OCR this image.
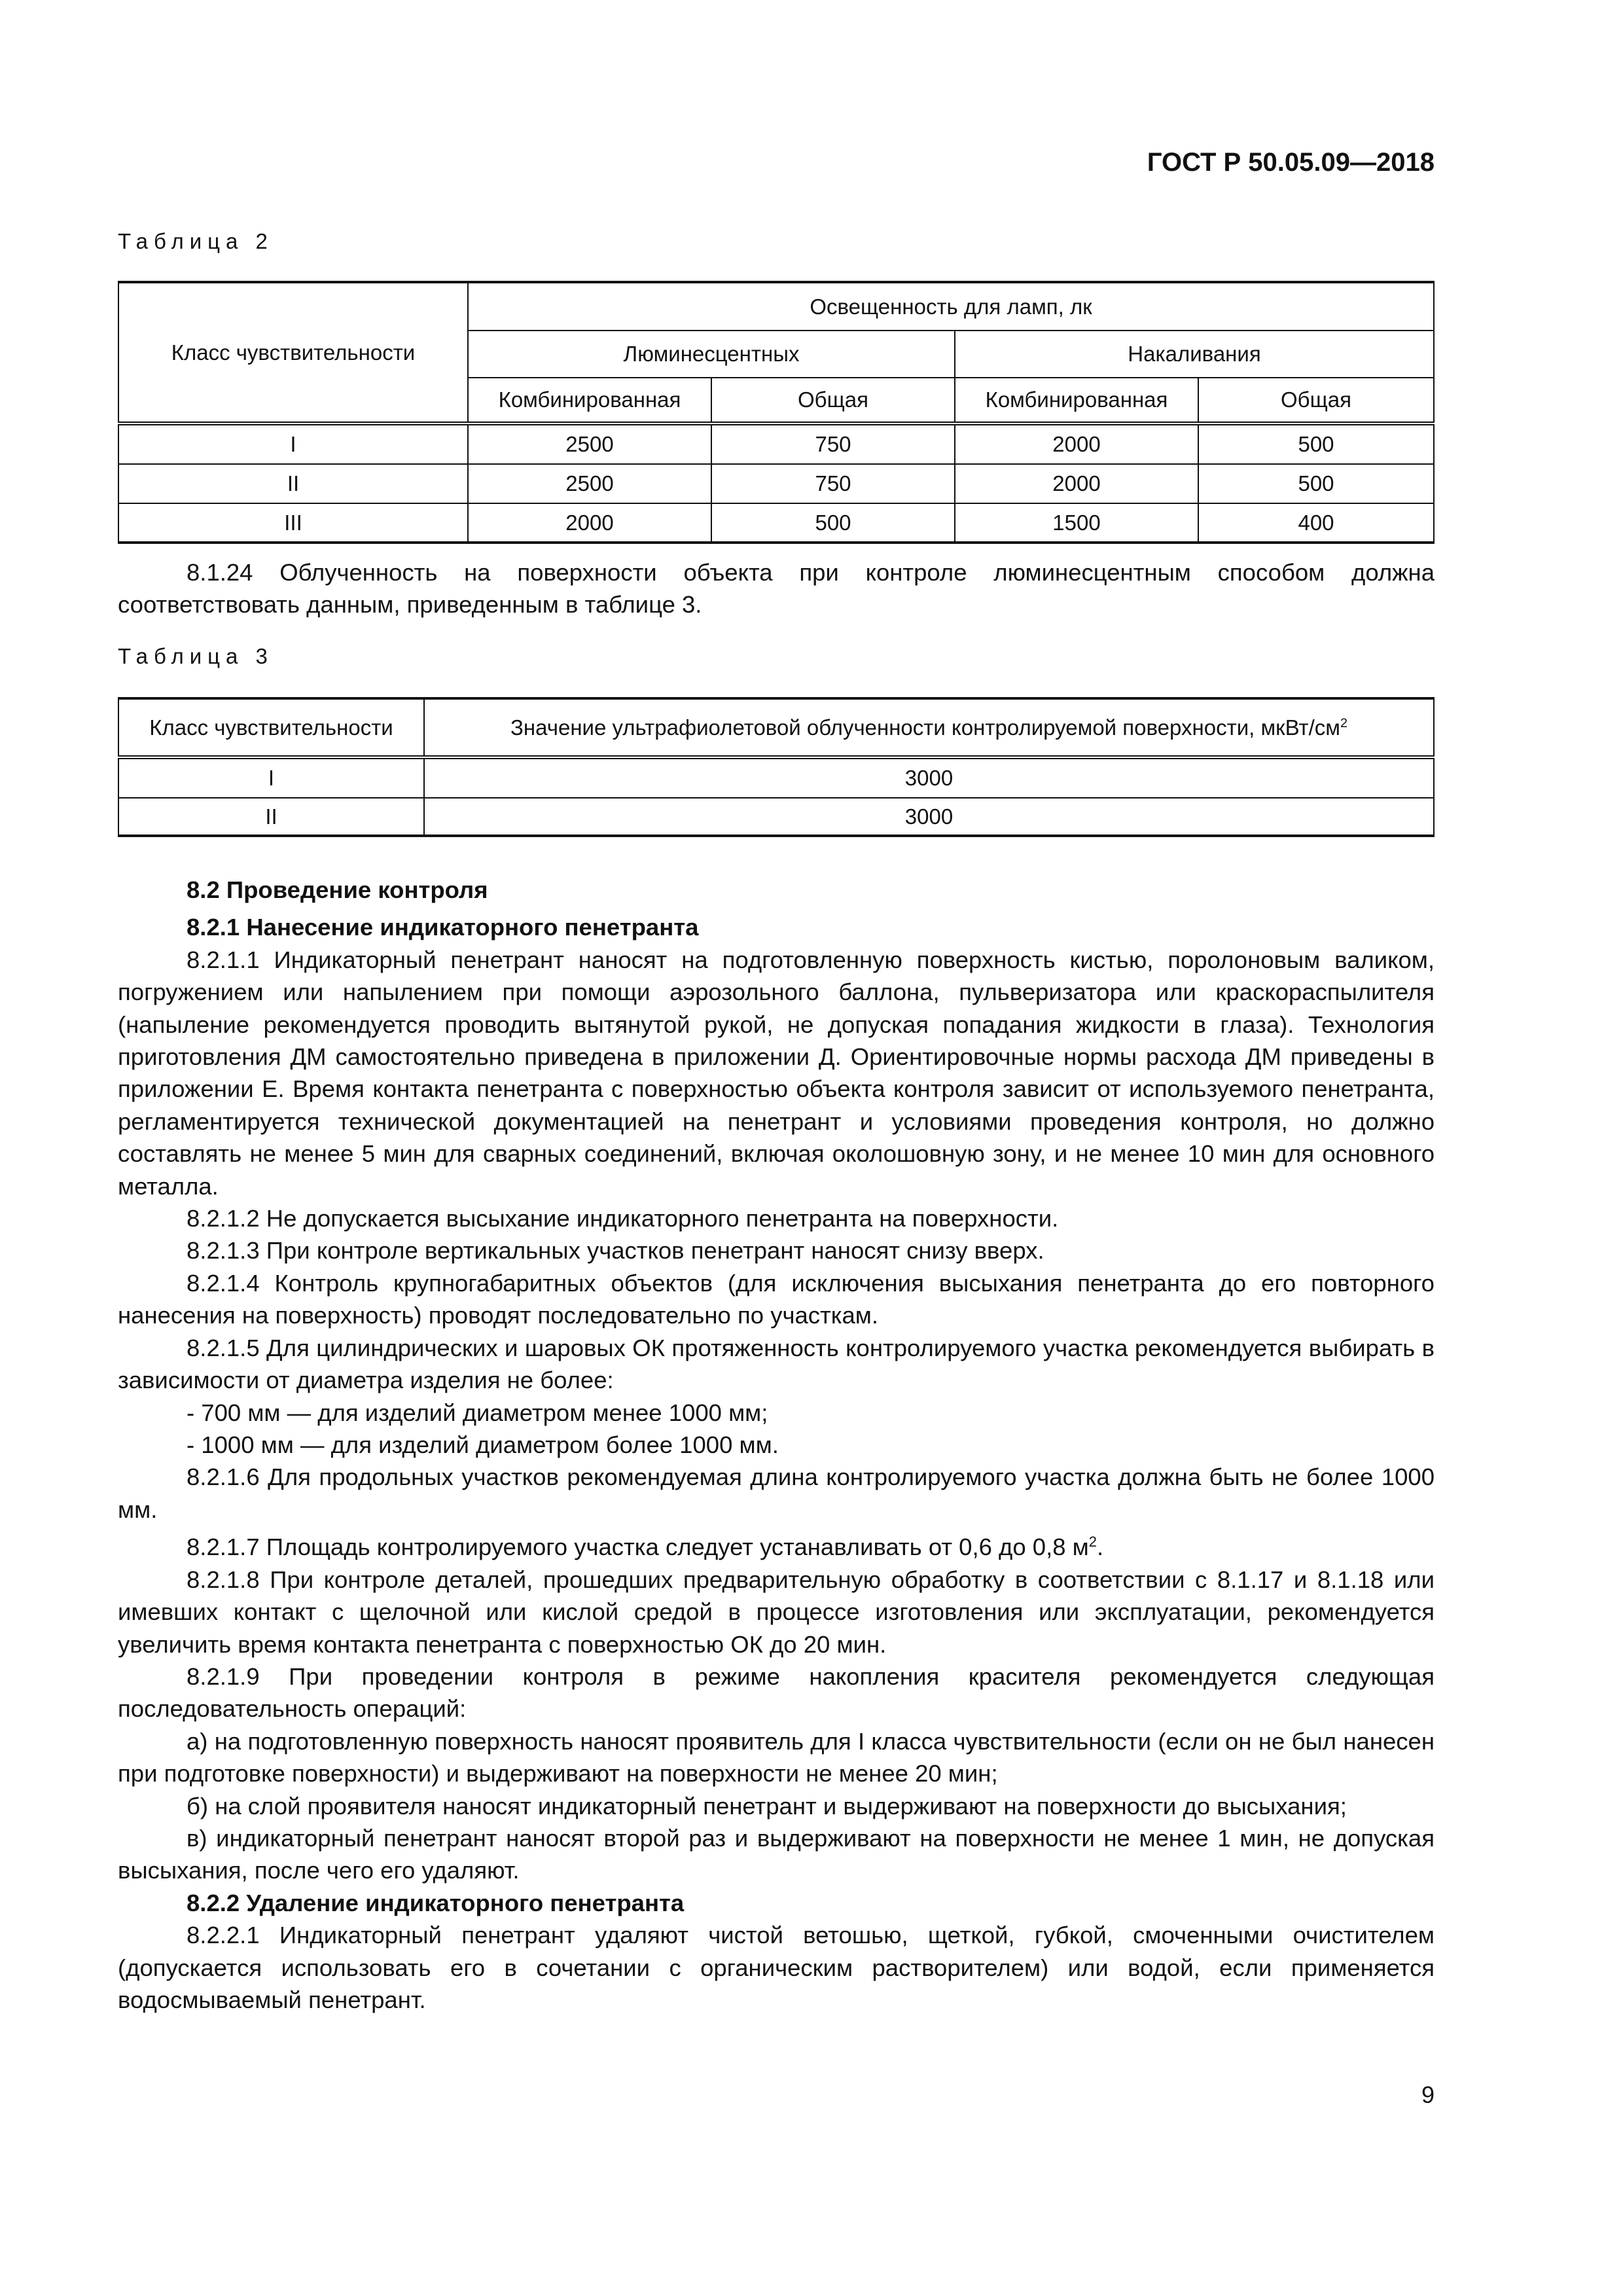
ГОСТ Р 50.05.09—2018
Таблица 2
Класс чувствительности	Освещенность для ламп, лк			
	Люминесцентных		Накаливания	
	Комбинированная	Общая	Комбинированная	Общая
I	2500	750	2000	500
II	2500	750	2000	500
III	2000	500	1500	400

8.1.24 Облученность на поверхности объекта при контроле люминесцентным способом должна соответствовать данным, приведенным в таблице 3.

Таблица 3
Класс чувствительности	Значение ультрафиолетовой облученности контролируемой поверхности, мкВт/$см^2$
I	3000
II	3000

8.2 Проведение контроля

8.2.1 Нанесение индикаторного пенетранта

8.2.1.1 Индикаторный пенетрант наносят на подготовленную поверхность кистью, поролоновым валиком, погружением или напылением при помощи аэрозольного баллона, пульверизатора или краскораспылителя (напыление рекомендуется проводить вытянутой рукой, не допуская попадания жидкости в глаза). Технология приготовления ДМ самостоятельно приведена в приложении Д. Ориентировочные нормы расхода ДМ приведены в приложении Е. Время контакта пенетранта с поверхностью объекта контроля зависит от используемого пенетранта, регламентируется технической документацией на пенетрант и условиями проведения контроля, но должно составлять не менее 5 мин для сварных соединений, включая околошовную зону, и не менее 10 мин для основного металла.

8.2.1.2 Не допускается высыхание индикаторного пенетранта на поверхности.

8.2.1.3 При контроле вертикальных участков пенетрант наносят снизу вверх.

8.2.1.4 Контроль крупногабаритных объектов (для исключения высыхания пенетранта до его повторного нанесения на поверхность) проводят последовательно по участкам.

8.2.1.5 Для цилиндрических и шаровых ОК протяженность контролируемого участка рекомендуется выбирать в зависимости от диаметра изделия не более:

- 700 мм — для изделий диаметром менее 1000 мм;

- 1000 мм — для изделий диаметром более 1000 мм.

8.2.1.6 Для продольных участков рекомендуемая длина контролируемого участка должна быть не более 1000 мм.

8.2.1.7 Площадь контролируемого участка следует устанавливать от 0,6 до 0,8 $м^2$.

8.2.1.8 При контроле деталей, прошедших предварительную обработку в соответствии с 8.1.17 и 8.1.18 или имевших контакт с щелочной или кислой средой в процессе изготовления или эксплуатации, рекомендуется увеличить время контакта пенетранта с поверхностью ОК до 20 мин.

8.2.1.9 При проведении контроля в режиме накопления красителя рекомендуется следующая последовательность операций:

а) на подготовленную поверхность наносят проявитель для I класса чувствительности (если он не был нанесен при подготовке поверхности) и выдерживают на поверхности не менее 20 мин;

б) на слой проявителя наносят индикаторный пенетрант и выдерживают на поверхности до высыхания;

в) индикаторный пенетрант наносят второй раз и выдерживают на поверхности не менее 1 мин, не допуская высыхания, после чего его удаляют.

8.2.2 Удаление индикаторного пенетранта

8.2.2.1 Индикаторный пенетрант удаляют чистой ветошью, щеткой, губкой, смоченными очистителем (допускается использовать его в сочетании с органическим растворителем) или водой, если применяется водосмываемый пенетрант.

9
